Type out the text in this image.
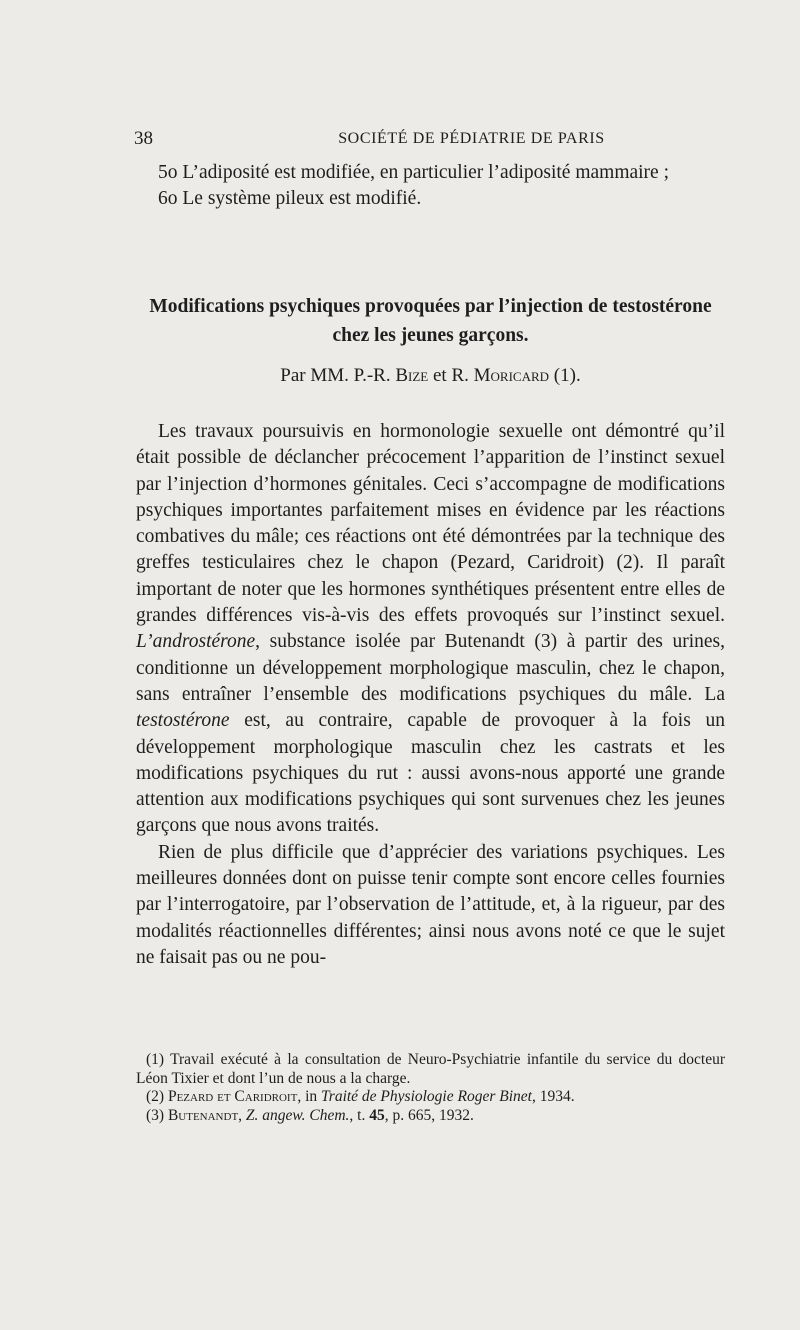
38	SOCIÉTÉ DE PÉDIATRIE DE PARIS

5o L’adiposité est modifiée, en particulier l’adiposité mammaire ;

6o Le système pileux est modifié.

Modifications psychiques provoquées par l’injection de testostérone chez les jeunes garçons.

Par MM. P.-R. Bize et R. Moricard (1).

Les travaux poursuivis en hormonologie sexuelle ont démontré qu’il était possible de déclancher précocement l’apparition de l’instinct sexuel par l’injection d’hormones génitales. Ceci s’accompagne de modifications psychiques importantes parfaitement mises en évidence par les réactions combatives du mâle; ces réactions ont été démontrées par la technique des greffes testiculaires chez le chapon (Pezard, Caridroit) (2). Il paraît important de noter que les hormones synthétiques présentent entre elles de grandes différences vis-à-vis des effets provoqués sur l’instinct sexuel. L’androstérone, substance isolée par Butenandt (3) à partir des urines, conditionne un développement morphologique masculin, chez le chapon, sans entraîner l’ensemble des modifications psychiques du mâle. La testostérone est, au contraire, capable de provoquer à la fois un développement morphologique masculin chez les castrats et les modifications psychiques du rut : aussi avons-nous apporté une grande attention aux modifications psychiques qui sont survenues chez les jeunes garçons que nous avons traités.

Rien de plus difficile que d’apprécier des variations psychiques. Les meilleures données dont on puisse tenir compte sont encore celles fournies par l’interrogatoire, par l’observation de l’attitude, et, à la rigueur, par des modalités réactionnelles différentes; ainsi nous avons noté ce que le sujet ne faisait pas ou ne pou-

(1) Travail exécuté à la consultation de Neuro-Psychiatrie infantile du service du docteur Léon Tixier et dont l’un de nous a la charge.

(2) Pezard et Caridroit, in Traité de Physiologie Roger Binet, 1934.

(3) Butenandt, Z. angew. Chem., t. 45, p. 665, 1932.
